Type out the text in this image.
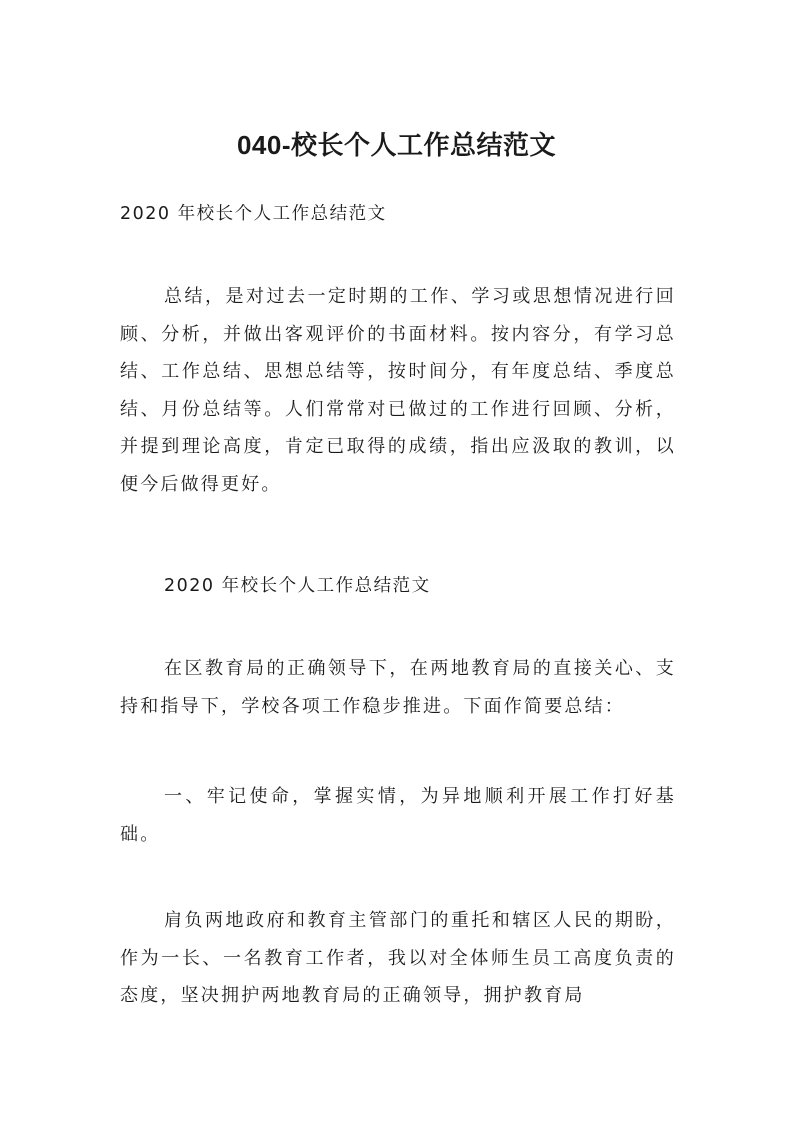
040-校长个人工作总结范文
2020 年校长个人工作总结范文

总结，是对过去一定时期的工作、学习或思想情况进行回顾、分析，并做出客观评价的书面材料。按内容分，有学习总结、工作总结、思想总结等，按时间分，有年度总结、季度总结、月份总结等。人们常常对已做过的工作进行回顾、分析，并提到理论高度，肯定已取得的成绩，指出应汲取的教训，以便今后做得更好。

2020 年校长个人工作总结范文

在区教育局的正确领导下，在两地教育局的直接关心、支持和指导下，学校各项工作稳步推进。下面作简要总结：

一、牢记使命，掌握实情，为异地顺利开展工作打好基础。

肩负两地政府和教育主管部门的重托和辖区人民的期盼，作为一长、一名教育工作者，我以对全体师生员工高度负责的态度，坚决拥护两地教育局的正确领导，拥护教育局
